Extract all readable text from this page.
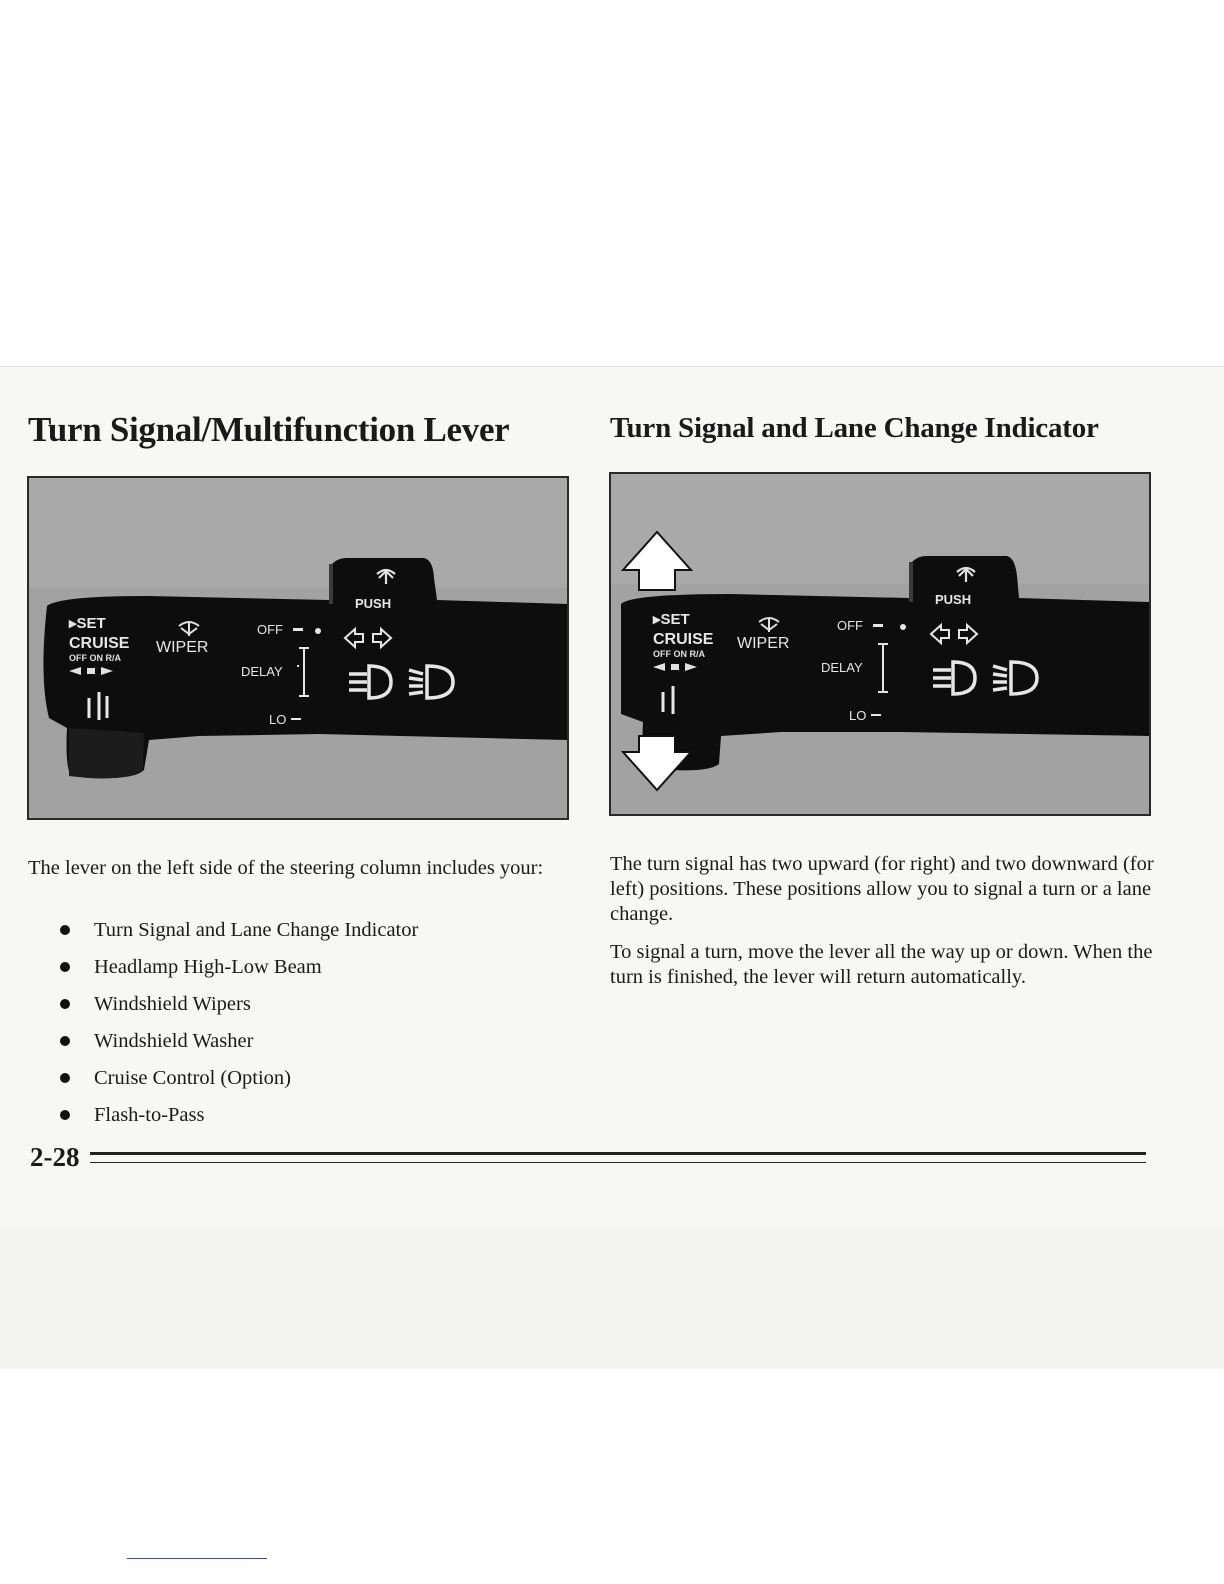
Turn Signal/Multifunction Lever	Turn Signal and Lane Change Indicator
PUSH
▸SET
CRUISE
OFF ON R/A
WIPER
OFF
DELAY
LO
PUSH
▸SET
CRUISE
OFF ON R/A
WIPER
OFF
DELAY
LO

The lever on the left side of the steering column includes your:

Turn Signal and Lane Change Indicator
Headlamp High-Low Beam
Windshield Wipers
Windshield Washer
Cruise Control (Option)
Flash-to-Pass

The turn signal has two upward (for right) and two downward (for left) positions. These positions allow you to signal a turn or a lane change.

To signal a turn, move the lever all the way up or down. When the turn is finished, the lever will return automatically.

2-28
